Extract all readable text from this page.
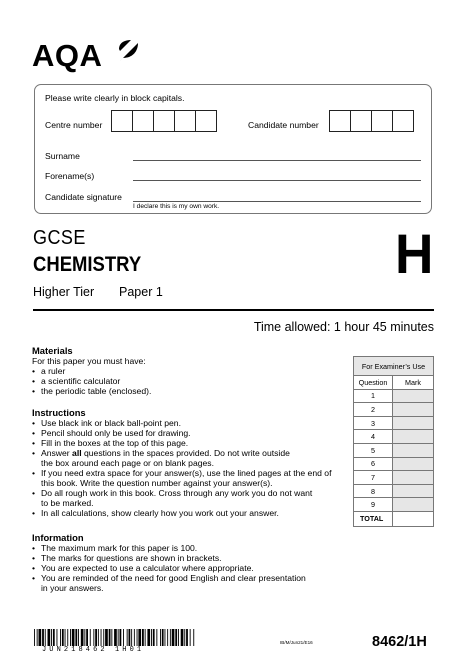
AQA
Please write clearly in block capitals.
Centre number	Candidate number
Surname
Forename(s)
Candidate signature
I declare this is my own work.
GCSE
CHEMISTRY
Higher Tier Paper 1
H
Time allowed: 1 hour 45 minutes
Materials
For this paper you must have:
• a ruler
• a scientific calculator
• the periodic table (enclosed).
Instructions
• Use black ink or black ball-point pen.
• Pencil should only be used for drawing.
• Fill in the boxes at the top of this page.
• Answer all questions in the spaces provided. Do not write outside
the box around each page or on blank pages.
• If you need extra space for your answer(s), use the lined pages at the end of
this book. Write the question number against your answer(s).
• Do all rough work in this book. Cross through any work you do not want
to be marked.
• In all calculations, show clearly how you work out your answer.
Information
• The maximum mark for this paper is 100.
• The marks for questions are shown in brackets.
• You are expected to use a calculator where appropriate.
• You are reminded of the need for good English and clear presentation
in your answers.
For Examiner’s Use	
Question	Mark
1	
2	
3	
4	
5	
6	
7	
8	
9	
TOTAL	
JUN218462 1H01
IB/M/Jun21/E16	8462/1H
